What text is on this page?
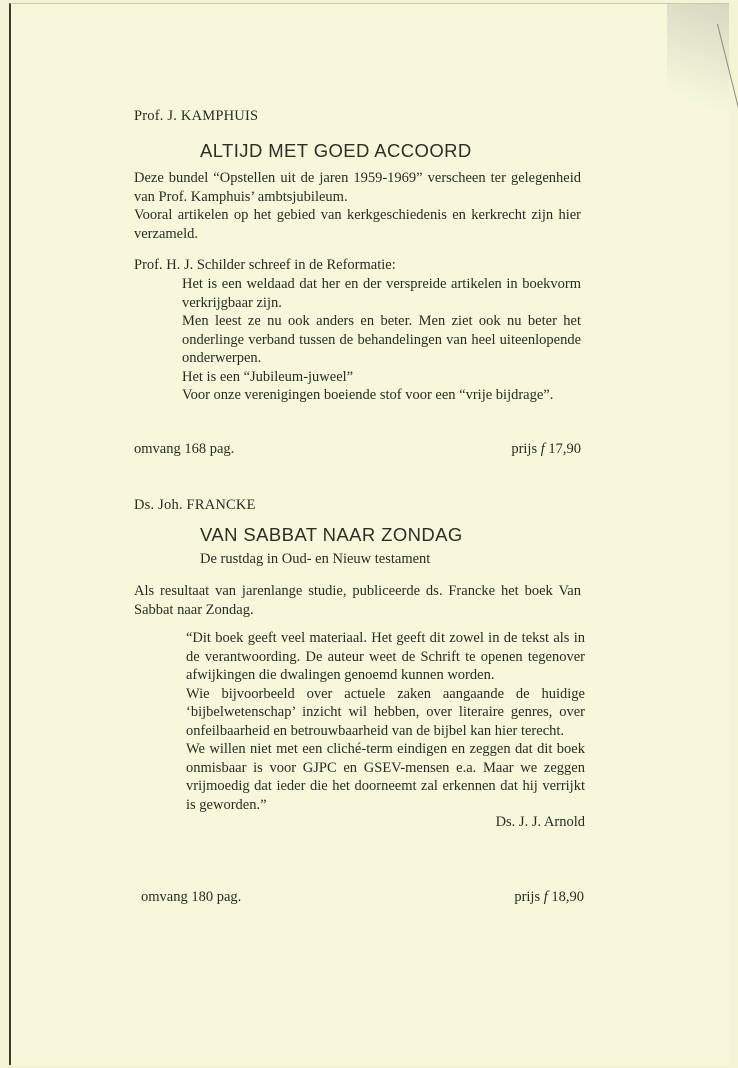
Prof. J. KAMPHUIS

ALTIJD MET GOED ACCOORD

Deze bundel “Opstellen uit de jaren 1959-1969” verscheen ter gelegenheid van Prof. Kamphuis’ ambtsjubileum.

Vooral artikelen op het gebied van kerkgeschiedenis en kerkrecht zijn hier verzameld.

Prof. H. J. Schilder schreef in de Reformatie:

Het is een weldaad dat her en der verspreide artikelen in boekvorm verkrijgbaar zijn.

Men leest ze nu ook anders en beter. Men ziet ook nu beter het onderlinge verband tussen de behandelingen van heel uiteenlopende onderwerpen.

Het is een “Jubileum-juweel”

Voor onze verenigingen boeiende stof voor een “vrije bijdrage”.

omvang 168 pag.	prijs f 17,90

Ds. Joh. FRANCKE

VAN SABBAT NAAR ZONDAG

De rustdag in Oud- en Nieuw testament

Als resultaat van jarenlange studie, publiceerde ds. Francke het boek Van Sabbat naar Zondag.

“Dit boek geeft veel materiaal. Het geeft dit zowel in de tekst als in de verantwoording. De auteur weet de Schrift te openen tegenover afwijkingen die dwalingen genoemd kunnen worden.

Wie bijvoorbeeld over actuele zaken aangaande de huidige ‘bijbelwetenschap’ inzicht wil hebben, over literaire genres, over onfeilbaarheid en betrouwbaarheid van de bijbel kan hier terecht.

We willen niet met een cliché-term eindigen en zeggen dat dit boek onmisbaar is voor GJPC en GSEV-mensen e.a. Maar we zeggen vrijmoedig dat ieder die het doorneemt zal erkennen dat hij verrijkt is geworden.”

Ds. J. J. Arnold

omvang 180 pag.	prijs f 18,90
